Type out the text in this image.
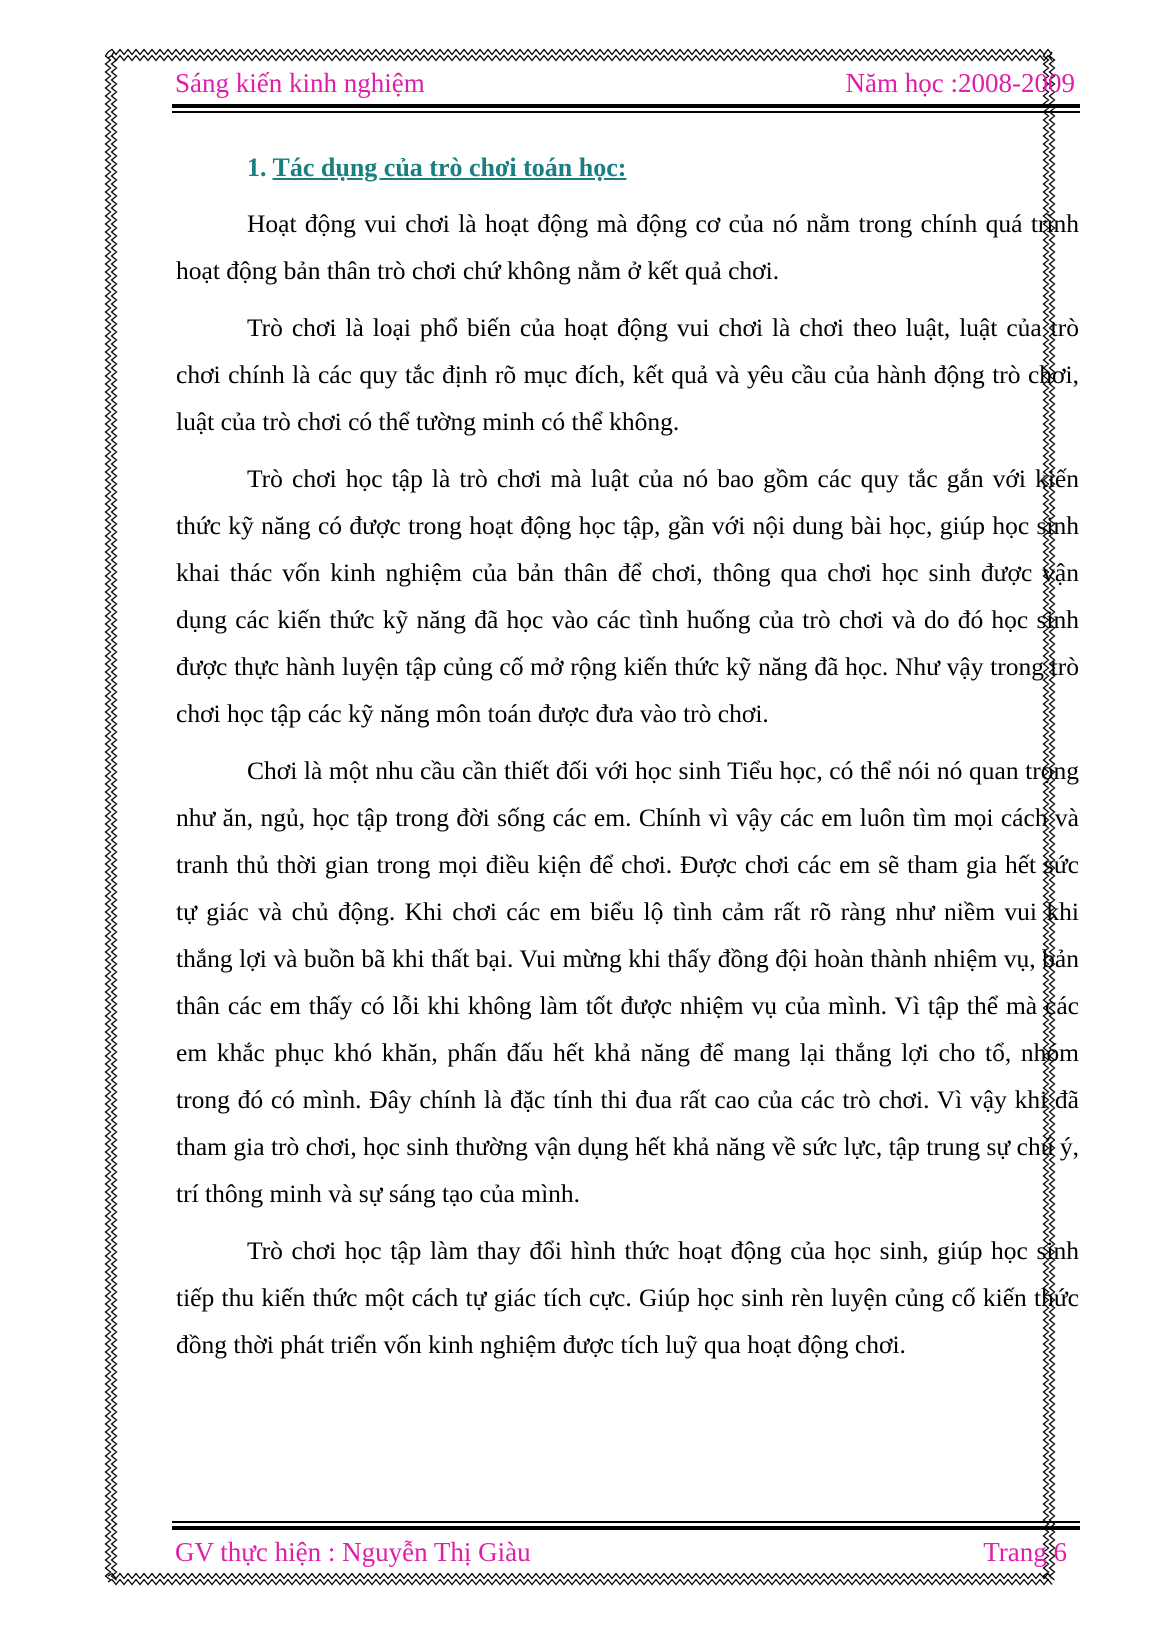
Sáng kiến kinh nghiệm	Năm học :2008-2009
1. Tác dụng của trò chơi toán học:

Hoạt động vui chơi là hoạt động mà động cơ của nó nằm trong chính quá trình hoạt động bản thân trò chơi chứ không nằm ở kết quả chơi.

Trò chơi là loại phổ biến của hoạt động vui chơi là chơi theo luật, luật của trò chơi chính là các quy tắc định rõ mục đích, kết quả và yêu cầu của hành động trò chơi, luật của trò chơi có thể tường minh có thể không.

Trò chơi học tập là trò chơi mà luật của nó bao gồm các quy tắc gắn với kiến thức kỹ năng có được trong hoạt động học tập, gần với nội dung bài học, giúp học sinh khai thác vốn kinh nghiệm của bản thân để chơi, thông qua chơi học sinh được vận dụng các kiến thức kỹ năng đã học vào các tình huống của trò chơi và do đó học sinh được thực hành luyện tập củng cố mở rộng kiến thức kỹ năng đã học. Như vậy trong trò chơi học tập các kỹ năng môn toán được đưa vào trò chơi.

Chơi là một nhu cầu cần thiết đối với học sinh Tiểu học, có thể nói nó quan trọng như ăn, ngủ, học tập trong đời sống các em. Chính vì vậy các em luôn tìm mọi cách và tranh thủ thời gian trong mọi điều kiện để chơi. Được chơi các em sẽ tham gia hết sức tự giác và chủ động. Khi chơi các em biểu lộ tình cảm rất rõ ràng như niềm vui khi thắng lợi và buồn bã khi thất bại. Vui mừng khi thấy đồng đội hoàn thành nhiệm vụ, bản thân các em thấy có lỗi khi không làm tốt được nhiệm vụ của mình. Vì tập thể mà các em khắc phục khó khăn, phấn đấu hết khả năng để mang lại thắng lợi cho tổ, nhóm trong đó có mình. Đây chính là đặc tính thi đua rất cao của các trò chơi. Vì vậy khi đã tham gia trò chơi, học sinh thường vận dụng hết khả năng về sức lực, tập trung sự chú ý, trí thông minh và sự sáng tạo của mình.

Trò chơi học tập làm thay đổi hình thức hoạt động của học sinh, giúp học sinh tiếp thu kiến thức một cách tự giác tích cực. Giúp học sinh rèn luyện củng cố kiến thức đồng thời phát triển vốn kinh nghiệm được tích luỹ qua hoạt động chơi.

GV thực hiện : Nguyễn Thị Giàu	Trang 6
